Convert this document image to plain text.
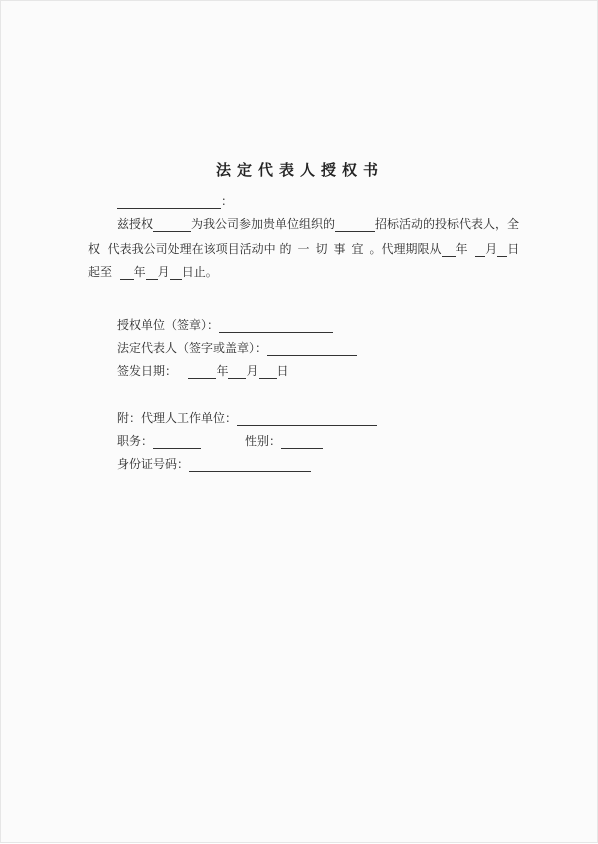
法定代表人授权书
：
兹授权	为我公司参加贵单位组织的	招标活动的投标代表人，全
权 代表我公司处理在该项目活动中 的一切事宜。代理期限从 年 月 日
起至 年 月 日止。
授权单位（签章）：
法定代表人（签字或盖章）：
签发日期：	年 月 日
附：代理人工作单位：
职务：	性别：
身份证号码：
